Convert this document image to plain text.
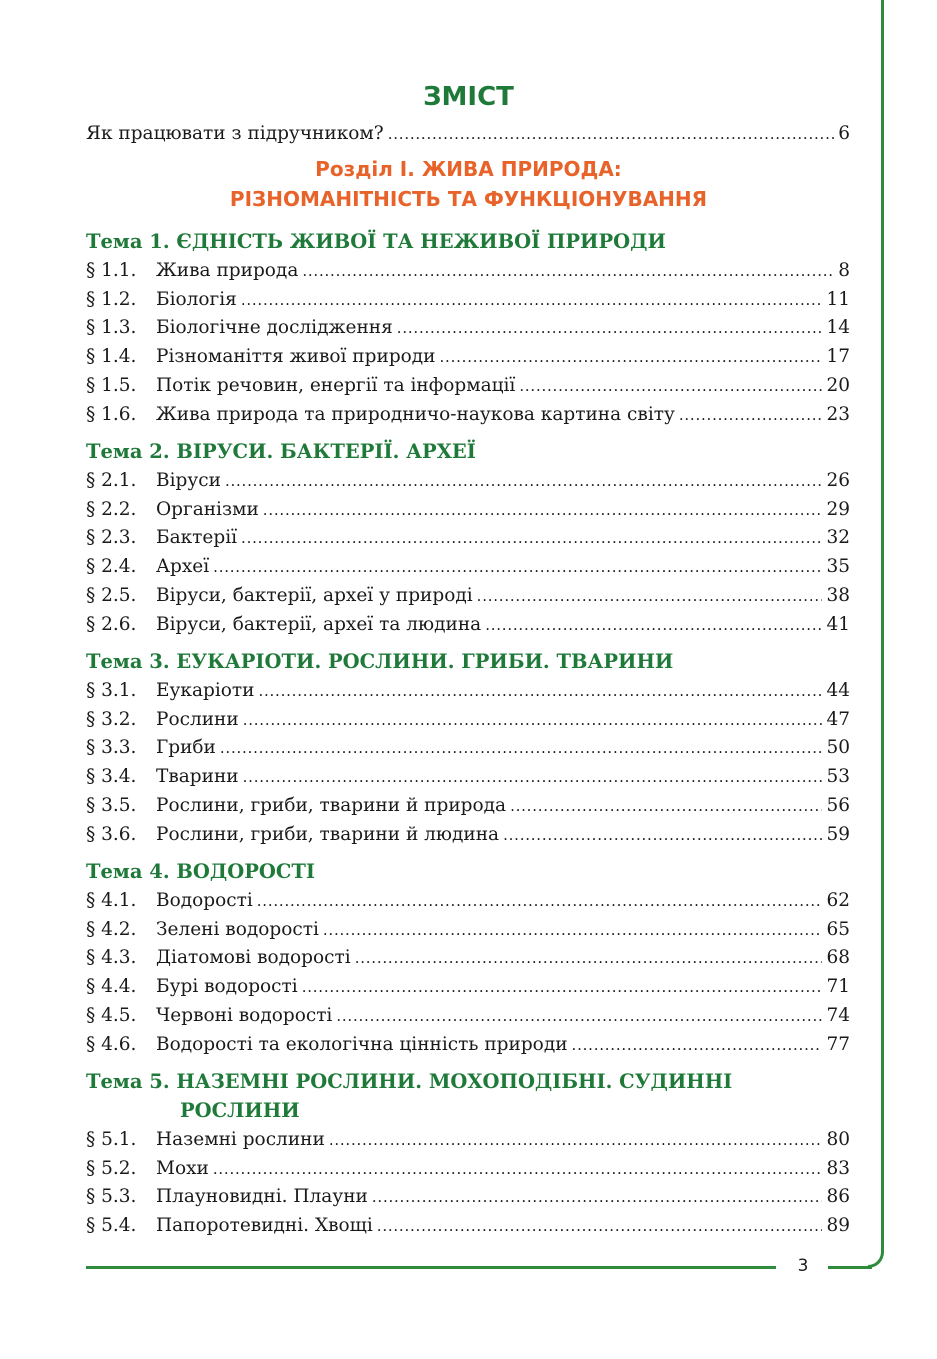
3
ЗМІСТ
Як працювати з підручником? . . .	6
Розділ І. ЖИВА ПРИРОДА:
РІЗНОМАНІТНІСТЬ ТА ФУНКЦІОНУВАННЯ
Тема 1. ЄДНІСТЬ ЖИВОЇ ТА НЕЖИВОЇ ПРИРОДИ
§ 1.1.	Жива природа . . .	8
§ 1.2.	Біологія . . .	11
§ 1.3.	Біологічне дослідження . . .	14
§ 1.4.	Різноманіття живої природи . . .	17
§ 1.5.	Потік речовин, енергії та інформації . . .	20
§ 1.6.	Жива природа та природничо-наукова картина світу . . .	23
Тема 2. ВІРУСИ. БАКТЕРІЇ. АРХЕЇ
§ 2.1.	Віруси . . .	26
§ 2.2.	Організми . . .	29
§ 2.3.	Бактерії . . .	32
§ 2.4.	Археї . . .	35
§ 2.5.	Віруси, бактерії, археї у природі . . .	38
§ 2.6.	Віруси, бактерії, археї та людина . . .	41
Тема 3. ЕУКАРІОТИ. РОСЛИНИ. ГРИБИ. ТВАРИНИ
§ 3.1.	Еукаріоти . . .	44
§ 3.2.	Рослини . . .	47
§ 3.3.	Гриби . . .	50
§ 3.4.	Тварини . . .	53
§ 3.5.	Рослини, гриби, тварини й природа . . .	56
§ 3.6.	Рослини, гриби, тварини й людина . . .	59
Тема 4. ВОДОРОСТІ
§ 4.1.	Водорості . . .	62
§ 4.2.	Зелені водорості . . .	65
§ 4.3.	Діатомові водорості . . .	68
§ 4.4.	Бурі водорості . . .	71
§ 4.5.	Червоні водорості . . .	74
§ 4.6.	Водорості та екологічна цінність природи . . .	77
Тема 5. НАЗЕМНІ РОСЛИНИ. МОХОПОДІБНІ. СУДИННІ
РОСЛИНИ
§ 5.1.	Наземні рослини . . .	80
§ 5.2.	Мохи . . .	83
§ 5.3.	Плауновидні. Плауни . . .	86
§ 5.4.	Папоротевидні. Хвощі . . .	89
